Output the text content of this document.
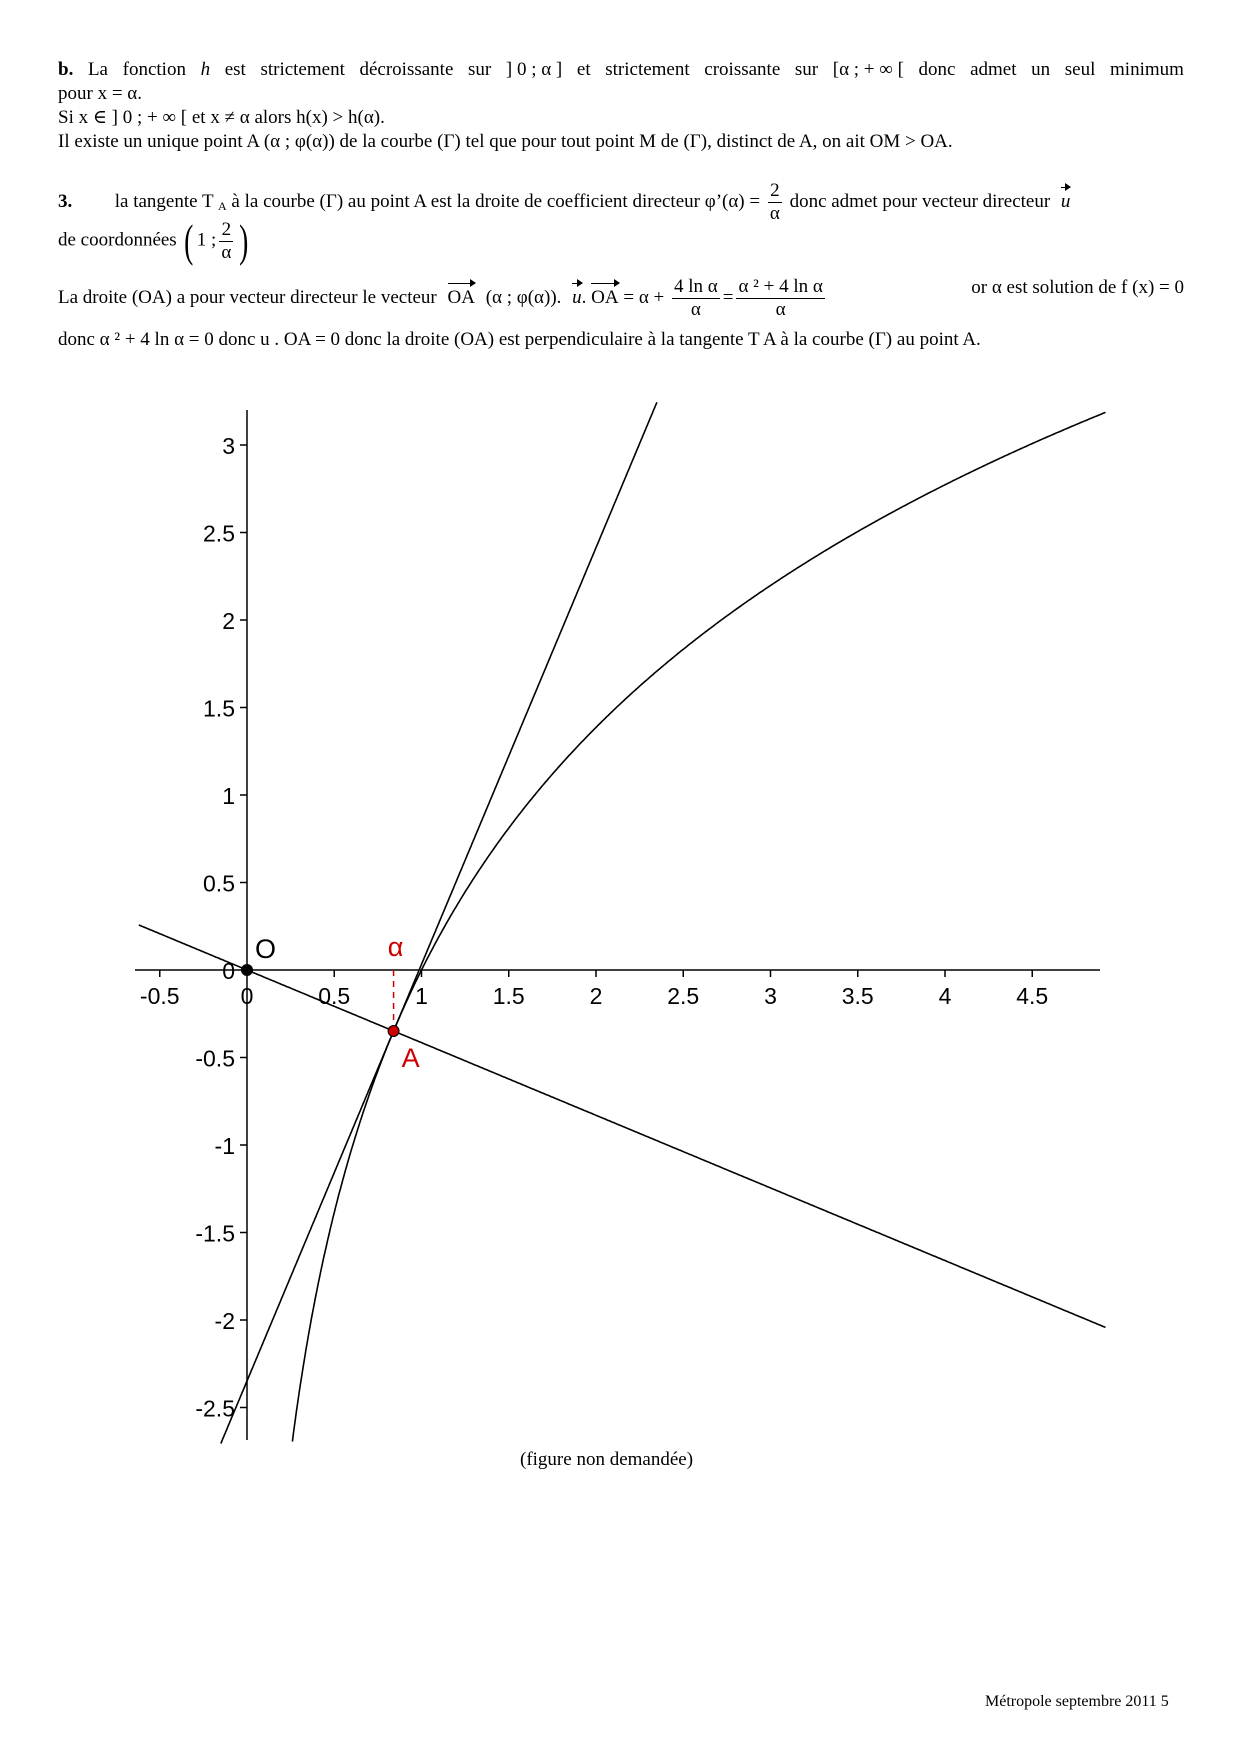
b. La fonction h est strictement décroissante sur ] 0 ; α ] et strictement croissante sur [α ; + ∞ [ donc admet un seul minimum
pour x = α.
Si x ∈ ] 0 ; + ∞ [ et x ≠ α alors h(x) > h(α).
Il existe un unique point A (α ; φ(α)) de la courbe (Γ) tel que pour tout point M de (Γ), distinct de A, on ait OM > OA.
3. la tangente T $_A$ à la courbe (Γ) au point A est la droite de coefficient directeur φ’(α) = $\frac{2}{\alpha}$ donc admet pour vecteur directeur u
de coordonnées ( 1 ; $\frac{2}{\alpha}$ )
La droite (OA) a pour vecteur directeur le vecteur OA (α ; φ(α)). u. OA = $\alpha + \frac{\text{4 ln α}}{\alpha} = \frac{\text{α ² + 4 ln α}}{\alpha}$	or α est solution de f (x) = 0
donc α ² + 4 ln α = 0 donc u . OA = 0 donc la droite (OA) est perpendiculaire à la tangente T A à la courbe (Γ) au point A.
-0.5	0	0.5	1	1.5	2	2.5	3	3.5	4	4.5
3
2.5
2
1.5
1
0.5
0
-0.5
-1
-1.5
-2
-2.5
α
O
A
(figure non demandée)
Métropole septembre 2011 5
